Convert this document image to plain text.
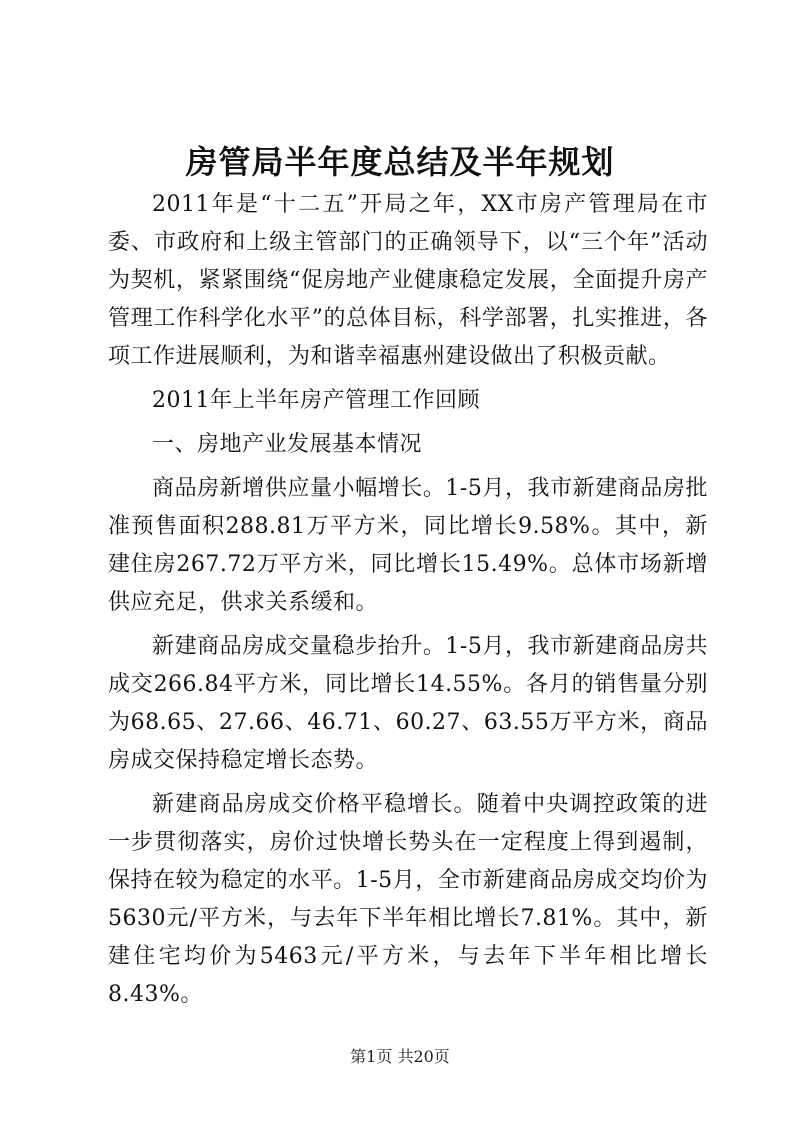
房管局半年度总结及半年规划

2011年是“十二五”开局之年，XX市房产管理局在市委、市政府和上级主管部门的正确领导下，以“三个年”活动为契机，紧紧围绕“促房地产业健康稳定发展，全面提升房产管理工作科学化水平”的总体目标，科学部署，扎实推进，各项工作进展顺利，为和谐幸福惠州建设做出了积极贡献。

2011年上半年房产管理工作回顾

一、房地产业发展基本情况

商品房新增供应量小幅增长。1-5月，我市新建商品房批准预售面积288.81万平方米，同比增长9.58%。其中，新建住房267.72万平方米，同比增长15.49%。总体市场新增供应充足，供求关系缓和。

新建商品房成交量稳步抬升。1-5月，我市新建商品房共成交266.84平方米，同比增长14.55%。各月的销售量分别为68.65、27.66、46.71、60.27、63.55万平方米，商品房成交保持稳定增长态势。

新建商品房成交价格平稳增长。随着中央调控政策的进一步贯彻落实，房价过快增长势头在一定程度上得到遏制，保持在较为稳定的水平。1-5月，全市新建商品房成交均价为5630元/平方米，与去年下半年相比增长7.81%。其中，新建住宅均价为5463元/平方米，与去年下半年相比增长8.43%。

第1页 共20页
